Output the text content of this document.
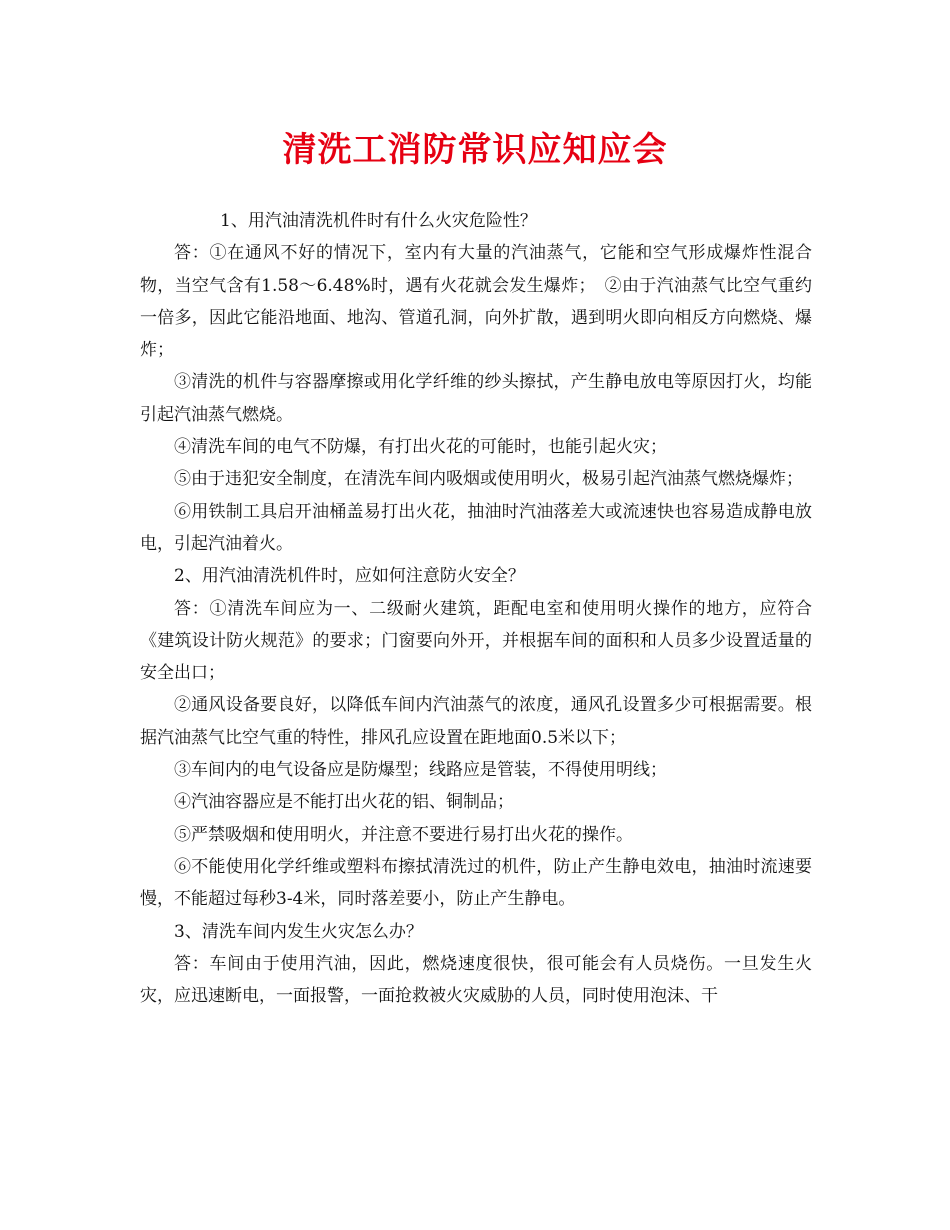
清洗工消防常识应知应会

1、用汽油清洗机件时有什么火灾危险性？

答：①在通风不好的情况下，室内有大量的汽油蒸气，它能和空气形成爆炸性混合物，当空气含有1.58～6.48%时，遇有火花就会发生爆炸；　②由于汽油蒸气比空气重约一倍多，因此它能沿地面、地沟、管道孔洞，向外扩散，遇到明火即向相反方向燃烧、爆炸；

③清洗的机件与容器摩擦或用化学纤维的纱头擦拭，产生静电放电等原因打火，均能引起汽油蒸气燃烧。

④清洗车间的电气不防爆，有打出火花的可能时，也能引起火灾；

⑤由于违犯安全制度，在清洗车间内吸烟或使用明火，极易引起汽油蒸气燃烧爆炸；

⑥用铁制工具启开油桶盖易打出火花，抽油时汽油落差大或流速快也容易造成静电放电，引起汽油着火。

2、用汽油清洗机件时，应如何注意防火安全？

答：①清洗车间应为一、二级耐火建筑，距配电室和使用明火操作的地方，应符合《建筑设计防火规范》的要求；门窗要向外开，并根据车间的面积和人员多少设置适量的安全出口；

②通风设备要良好，以降低车间内汽油蒸气的浓度，通风孔设置多少可根据需要。根据汽油蒸气比空气重的特性，排风孔应设置在距地面0.5米以下；

③车间内的电气设备应是防爆型；线路应是管装，不得使用明线；

④汽油容器应是不能打出火花的铝、铜制品；

⑤严禁吸烟和使用明火，并注意不要进行易打出火花的操作。

⑥不能使用化学纤维或塑料布擦拭清洗过的机件，防止产生静电效电，抽油时流速要慢，不能超过每秒3-4米，同时落差要小，防止产生静电。

3、清洗车间内发生火灾怎么办？

答：车间由于使用汽油，因此，燃烧速度很快，很可能会有人员烧伤。一旦发生火灾，应迅速断电，一面报警，一面抢救被火灾威胁的人员，同时使用泡沫、干
